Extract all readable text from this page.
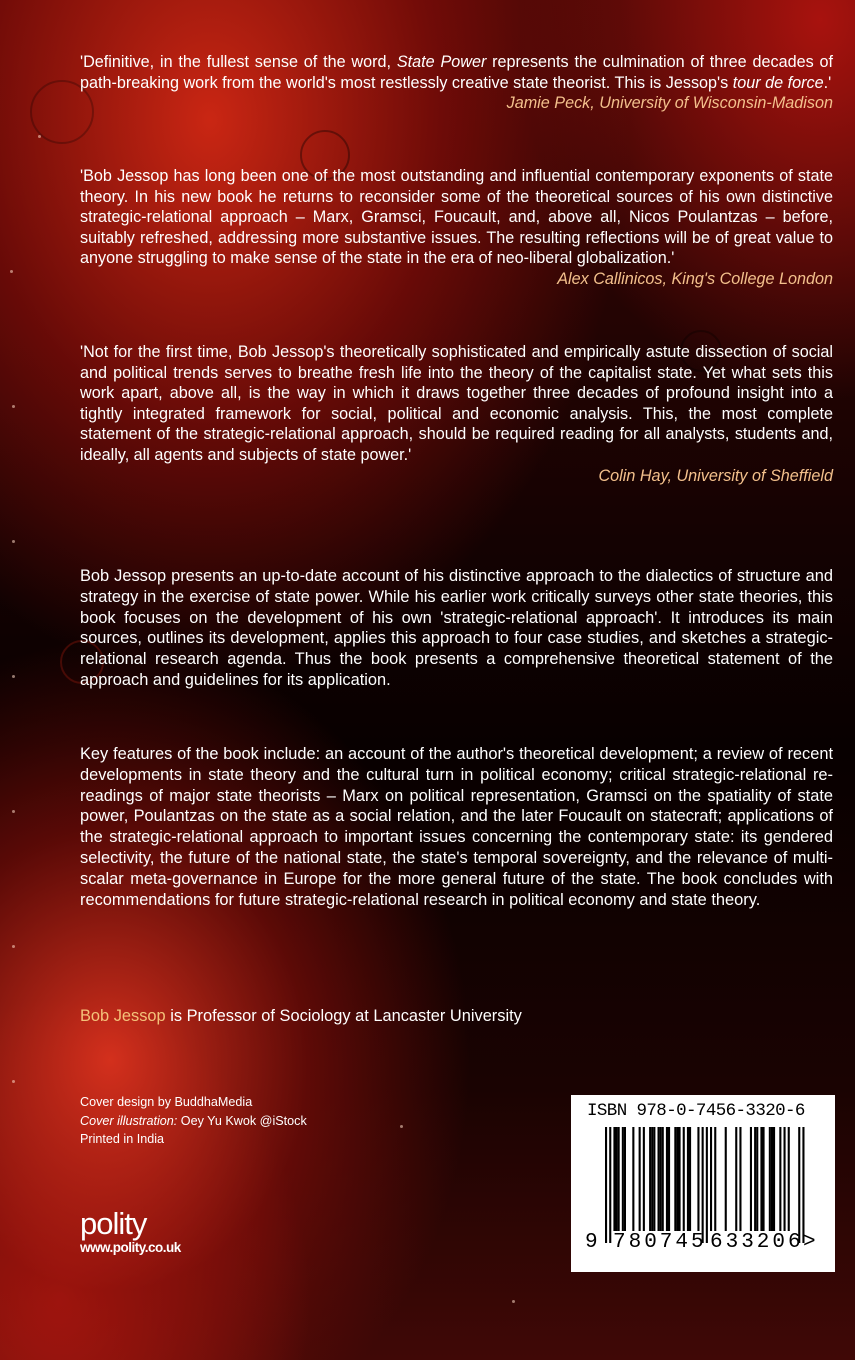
'Definitive, in the fullest sense of the word, State Power represents the culmination of three decades of path-breaking work from the world's most restlessly creative state theorist. This is Jessop's tour de force.'
Jamie Peck, University of Wisconsin-Madison
'Bob Jessop has long been one of the most outstanding and influential contemporary exponents of state theory. In his new book he returns to reconsider some of the theoretical sources of his own distinctive strategic-relational approach – Marx, Gramsci, Foucault, and, above all, Nicos Poulantzas – before, suitably refreshed, addressing more substantive issues. The resulting reflections will be of great value to anyone struggling to make sense of the state in the era of neo-liberal globalization.'
Alex Callinicos, King's College London
'Not for the first time, Bob Jessop's theoretically sophisticated and empirically astute dissection of social and political trends serves to breathe fresh life into the theory of the capitalist state. Yet what sets this work apart, above all, is the way in which it draws together three decades of profound insight into a tightly integrated framework for social, political and economic analysis. This, the most complete statement of the strategic-relational approach, should be required reading for all analysts, students and, ideally, all agents and subjects of state power.'
Colin Hay, University of Sheffield
Bob Jessop presents an up-to-date account of his distinctive approach to the dialectics of structure and strategy in the exercise of state power. While his earlier work critically surveys other state theories, this book focuses on the development of his own 'strategic-relational approach'. It introduces its main sources, outlines its development, applies this approach to four case studies, and sketches a strategic-relational research agenda. Thus the book presents a comprehensive theoretical statement of the approach and guidelines for its application.
Key features of the book include: an account of the author's theoretical development; a review of recent developments in state theory and the cultural turn in political economy; critical strategic-relational re-readings of major state theorists – Marx on political representation, Gramsci on the spatiality of state power, Poulantzas on the state as a social relation, and the later Foucault on statecraft; applications of the strategic-relational approach to important issues concerning the contemporary state: its gendered selectivity, the future of the national state, the state's temporal sovereignty, and the relevance of multi-scalar meta-governance in Europe for the more general future of the state. The book concludes with recommendations for future strategic-relational research in political economy and state theory.
Bob Jessop is Professor of Sociology at Lancaster University
Cover design by BuddhaMedia
Cover illustration: Oey Yu Kwok @iStock
Printed in India
polity
www.polity.co.uk
ISBN 978-0-7456-3320-6
9 780745 633206 >
